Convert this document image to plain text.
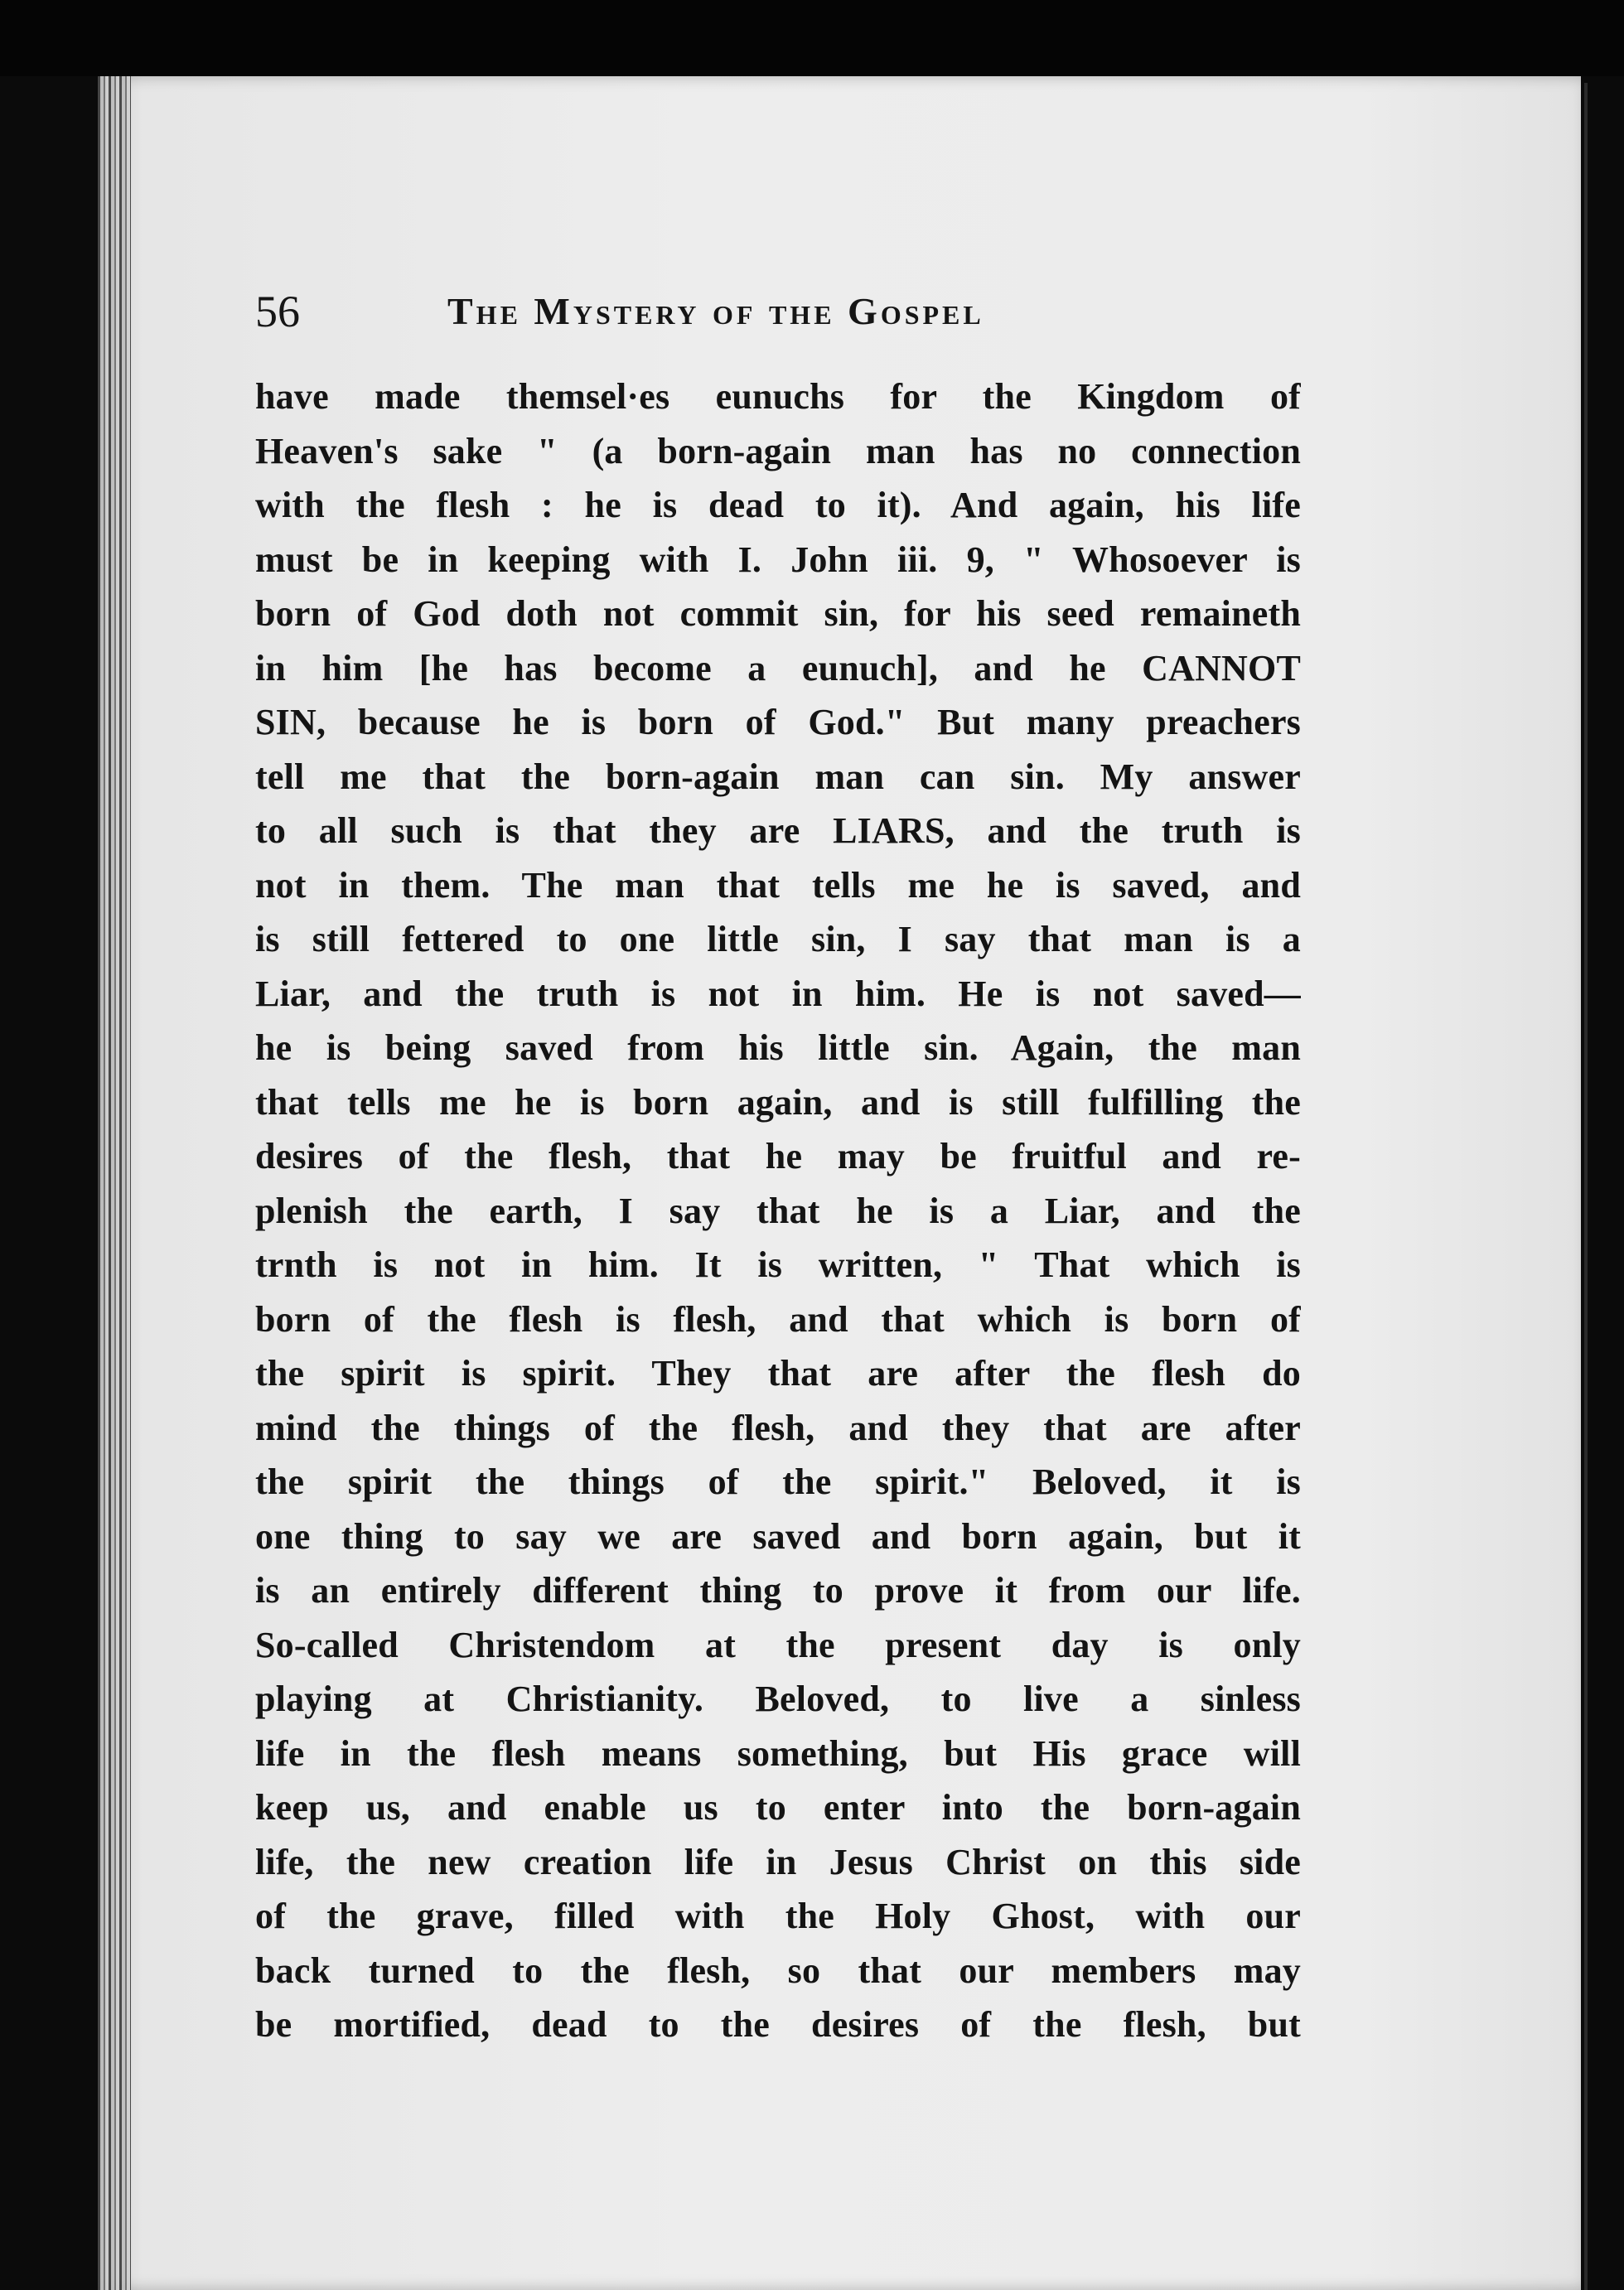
56	The Mystery of the Gospel
have made themsel·es eunuchs for the Kingdom of
Heaven's sake " (a born-again man has no connection
with the flesh : he is dead to it). And again, his life
must be in keeping with I. John iii. 9, " Whosoever is
born of God doth not commit sin, for his seed remaineth
in him [he has become a eunuch], and he CANNOT
SIN, because he is born of God." But many preachers
tell me that the born-again man can sin. My answer
to all such is that they are LIARS, and the truth is
not in them. The man that tells me he is saved, and
is still fettered to one little sin, I say that man is a
Liar, and the truth is not in him. He is not saved—
he is being saved from his little sin. Again, the man
that tells me he is born again, and is still fulfilling the
desires of the flesh, that he may be fruitful and re-
plenish the earth, I say that he is a Liar, and the
trnth is not in him. It is written, " That which is
born of the flesh is flesh, and that which is born of
the spirit is spirit. They that are after the flesh do
mind the things of the flesh, and they that are after
the spirit the things of the spirit." Beloved, it is
one thing to say we are saved and born again, but it
is an entirely different thing to prove it from our life.
So-called Christendom at the present day is only
playing at Christianity. Beloved, to live a sinless
life in the flesh means something, but His grace will
keep us, and enable us to enter into the born-again
life, the new creation life in Jesus Christ on this side
of the grave, filled with the Holy Ghost, with our
back turned to the flesh, so that our members may
be mortified, dead to the desires of the flesh, but
